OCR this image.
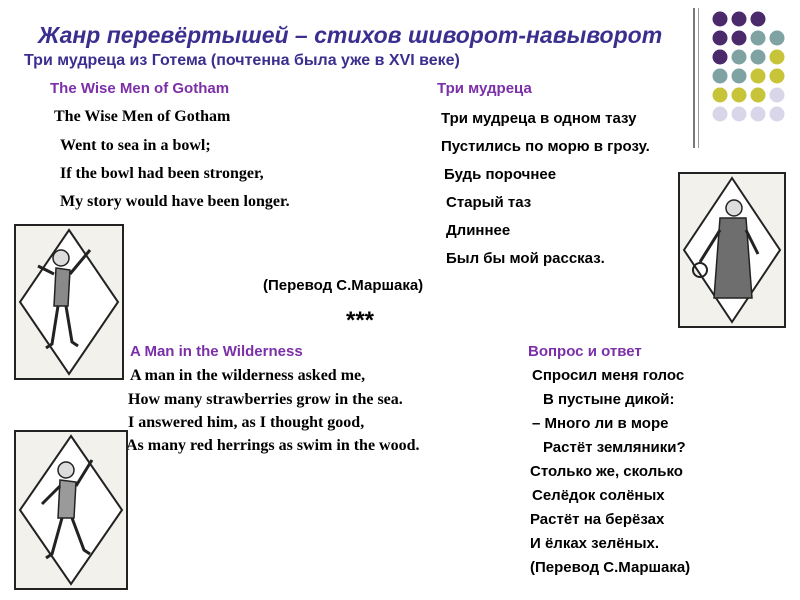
Жанр перевёртышей – стихов шиворот-навыворот
Три мудреца из Готема (почтенна была уже в XVI веке)
The Wise Men of Gotham	Три мудреца
The Wise Men of Gotham
Went to sea in a bowl;
If the bowl had been stronger,
My story would have been longer.
Три мудреца в одном тазу
Пустились по морю в грозу.
Будь порочнее
Старый таз
Длиннее
Был бы мой рассказ.
(Перевод С.Маршака)
***
A Man in the Wilderness	Вопрос и ответ
A man in the wilderness asked me,
How many strawberries grow in the sea.
I answered him, as I thought good,
As many red herrings as swim in the wood.
Спросил меня голос
В пустыне дикой:
– Много ли в море
Растёт земляники?
Столько же, сколько
Селёдок солёных
Растёт на берёзах
И ёлках зелёных.
(Перевод С.Маршака)
